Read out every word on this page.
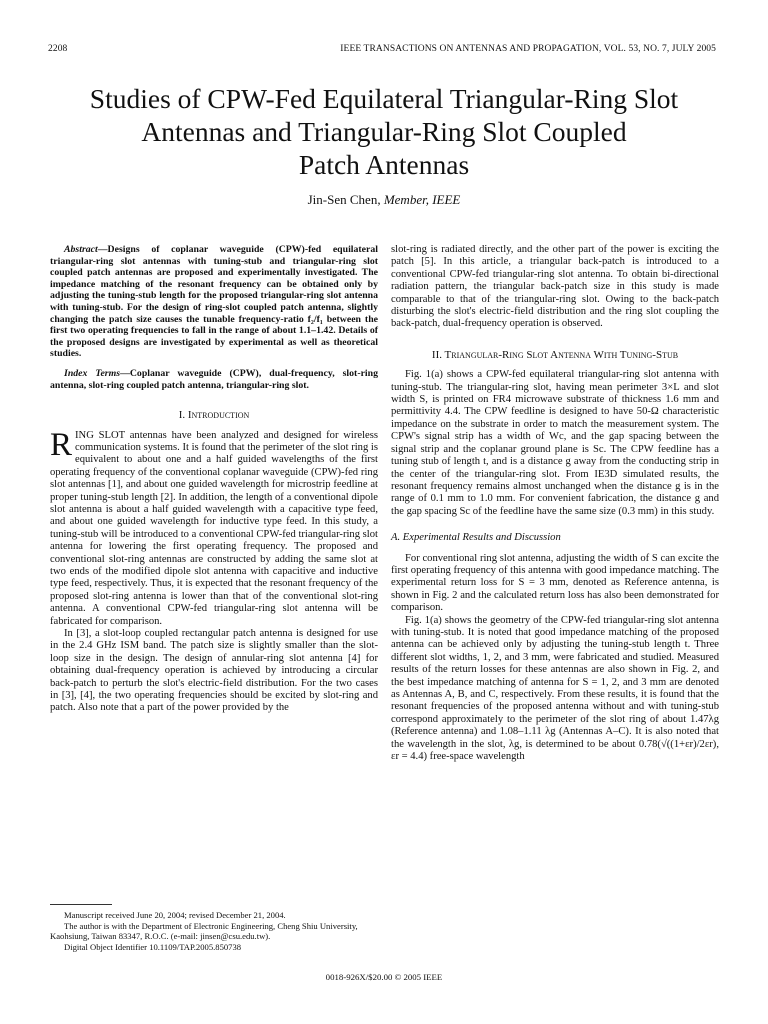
2208	IEEE TRANSACTIONS ON ANTENNAS AND PROPAGATION, VOL. 53, NO. 7, JULY 2005
Studies of CPW-Fed Equilateral Triangular-Ring Slot
Antennas and Triangular-Ring Slot Coupled
Patch Antennas
Jin-Sen Chen, Member, IEEE

Abstract—Designs of coplanar waveguide (CPW)-fed equilateral triangular-ring slot antennas with tuning-stub and triangular-ring slot coupled patch antennas are proposed and experimentally investigated. The impedance matching of the resonant frequency can be obtained only by adjusting the tuning-stub length for the proposed triangular-ring slot antenna with tuning-stub. For the design of ring-slot coupled patch antenna, slightly changing the patch size causes the tunable frequency-ratio f₂/f₁ between the first two operating frequencies to fall in the range of about 1.1–1.42. Details of the proposed designs are investigated by experimental as well as theoretical studies.

Index Terms—Coplanar waveguide (CPW), dual-frequency, slot-ring antenna, slot-ring coupled patch antenna, triangular-ring slot.

I. Introduction

RING SLOT antennas have been analyzed and designed for wireless communication systems. It is found that the perimeter of the slot ring is equivalent to about one and a half guided wavelengths of the first operating frequency of the conventional coplanar waveguide (CPW)-fed ring slot antennas [1], and about one guided wavelength for microstrip feedline at proper tuning-stub length [2]. In addition, the length of a conventional dipole slot antenna is about a half guided wavelength with a capacitive type feed, and about one guided wavelength for inductive type feed. In this study, a tuning-stub will be introduced to a conventional CPW-fed triangular-ring slot antenna for lowering the first operating frequency. The proposed and conventional slot-ring antennas are constructed by adding the same slot at two ends of the modified dipole slot antenna with capacitive and inductive type feed, respectively. Thus, it is expected that the resonant frequency of the proposed slot-ring antenna is lower than that of the conventional slot-ring antenna. A conventional CPW-fed triangular-ring slot antenna will be fabricated for comparison.

In [3], a slot-loop coupled rectangular patch antenna is designed for use in the 2.4 GHz ISM band. The patch size is slightly smaller than the slot-loop size in the design. The design of annular-ring slot antenna [4] for obtaining dual-frequency operation is achieved by introducing a circular back-patch to perturb the slot's electric-field distribution. For the two cases in [3], [4], the two operating frequencies should be excited by slot-ring and patch. Also note that a part of the power provided by the

slot-ring is radiated directly, and the other part of the power is exciting the patch [5]. In this article, a triangular back-patch is introduced to a conventional CPW-fed triangular-ring slot antenna. To obtain bi-directional radiation pattern, the triangular back-patch size in this study is made comparable to that of the triangular-ring slot. Owing to the back-patch disturbing the slot's electric-field distribution and the ring slot coupling the back-patch, dual-frequency operation is observed.

II. Triangular-Ring Slot Antenna With Tuning-Stub

Fig. 1(a) shows a CPW-fed equilateral triangular-ring slot antenna with tuning-stub. The triangular-ring slot, having mean perimeter 3×L and slot width S, is printed on FR4 microwave substrate of thickness 1.6 mm and permittivity 4.4. The CPW feedline is designed to have 50-Ω characteristic impedance on the substrate in order to match the measurement system. The CPW's signal strip has a width of Wc, and the gap spacing between the signal strip and the coplanar ground plane is Sc. The CPW feedline has a tuning stub of length t, and is a distance g away from the conducting strip in the center of the triangular-ring slot. From IE3D simulated results, the resonant frequency remains almost unchanged when the distance g is in the range of 0.1 mm to 1.0 mm. For convenient fabrication, the distance g and the gap spacing Sc of the feedline have the same size (0.3 mm) in this study.

A. Experimental Results and Discussion

For conventional ring slot antenna, adjusting the width of S can excite the first operating frequency of this antenna with good impedance matching. The experimental return loss for S = 3 mm, denoted as Reference antenna, is shown in Fig. 2 and the calculated return loss has also been demonstrated for comparison.

Fig. 1(a) shows the geometry of the CPW-fed triangular-ring slot antenna with tuning-stub. It is noted that good impedance matching of the proposed antenna can be achieved only by adjusting the tuning-stub length t. Three different slot widths, 1, 2, and 3 mm, were fabricated and studied. Measured results of the return losses for these antennas are also shown in Fig. 2, and the best impedance matching of antenna for S = 1, 2, and 3 mm are denoted as Antennas A, B, and C, respectively. From these results, it is found that the resonant frequencies of the proposed antenna without and with tuning-stub correspond approximately to the perimeter of the slot ring of about 1.47λg (Reference antenna) and 1.08–1.11 λg (Antennas A–C). It is also noted that the wavelength in the slot, λg, is determined to be about 0.78(√((1+εr)/2εr), εr = 4.4) free-space wavelength

Manuscript received June 20, 2004; revised December 21, 2004.

The author is with the Department of Electronic Engineering, Cheng Shiu University, Kaohsiung, Taiwan 83347, R.O.C. (e-mail: jinsen@csu.edu.tw).

Digital Object Identifier 10.1109/TAP.2005.850738

0018-926X/$20.00 © 2005 IEEE
